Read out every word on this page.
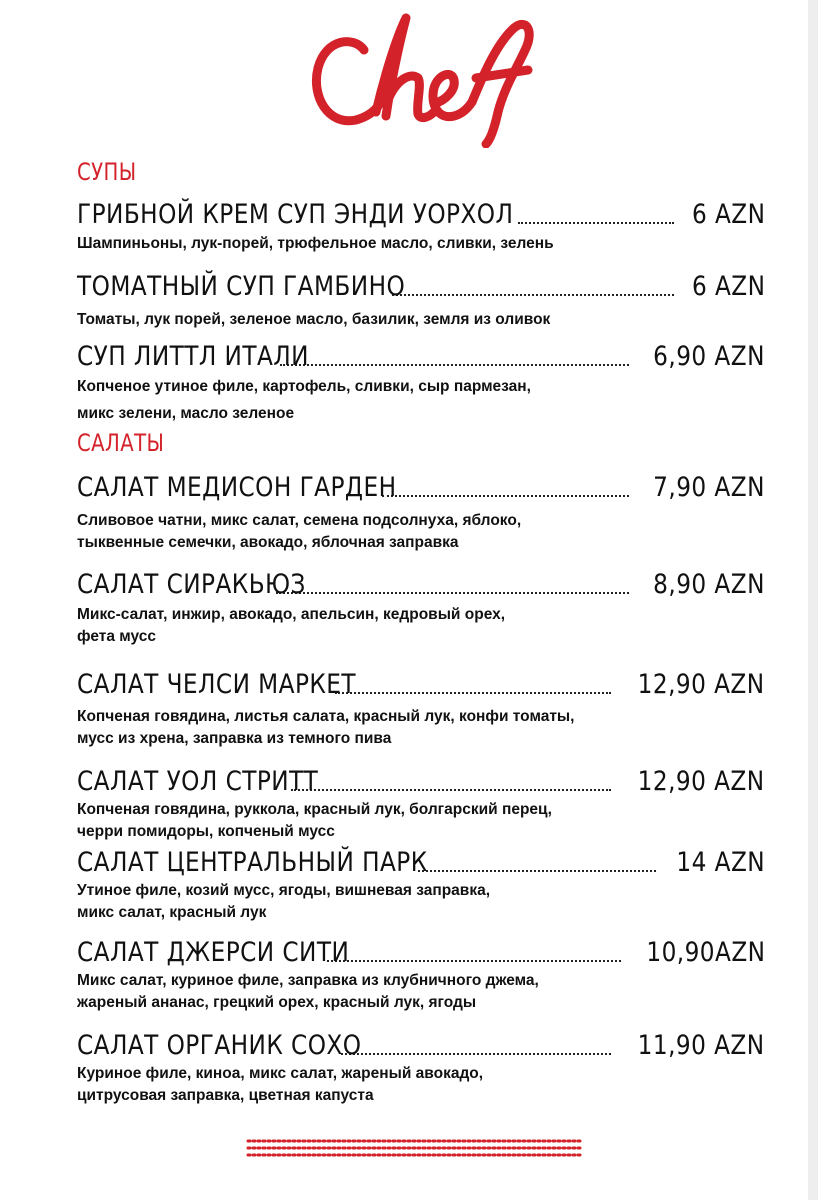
СУПЫ
ГРИБНОЙ КРЕМ СУП ЭНДИ УОРХОЛ	6 AZN
Шампиньоны, лук-порей, трюфельное масло, сливки, зелень
ТОМАТНЫЙ СУП ГАМБИНО	6 AZN
Томаты, лук порей, зеленое масло, базилик, земля из оливок
СУП ЛИТТЛ ИТАЛИ	6,90 AZN
Копченое утиное филе, картофель, сливки, сыр пармезан,
микс зелени, масло зеленое
САЛАТЫ
САЛАТ МЕДИСОН ГАРДЕН	7,90 AZN
Сливовое чатни, микс салат, семена подсолнуха, яблоко,
тыквенные семечки, авокадо, яблочная заправка
САЛАТ СИРАКЬЮЗ	8,90 AZN
Микс-салат, инжир, авокадо, апельсин, кедровый орех,
фета мусс
САЛАТ ЧЕЛСИ МАРКЕТ	12,90 AZN
Копченая говядина, листья салата, красный лук, конфи томаты,
мусс из хрена, заправка из темного пива
САЛАТ УОЛ СТРИТТ	12,90 AZN
Копченая говядина, руккола, красный лук, болгарский перец,
черри помидоры, копченый мусс
САЛАТ ЦЕНТРАЛЬНЫЙ ПАРК	14 AZN
Утиное филе, козий мусс, ягоды, вишневая заправка,
микс салат, красный лук
САЛАТ ДЖЕРСИ СИТИ	10,90AZN
Микс салат, куриное филе, заправка из клубничного джема,
жареный ананас, грецкий орех, красный лук, ягоды
САЛАТ ОРГАНИК СОХО	11,90 AZN
Куриное филе, киноа, микс салат, жареный авокадо,
цитрусовая заправка, цветная капуста
